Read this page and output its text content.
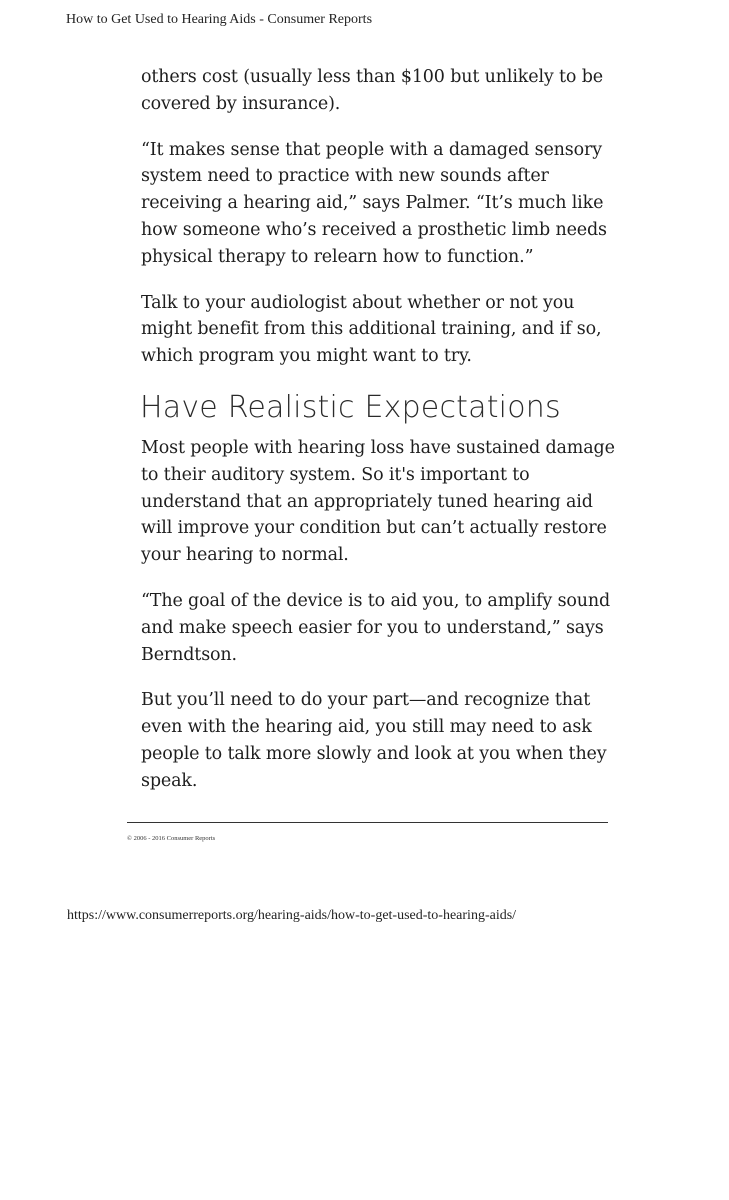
How to Get Used to Hearing Aids - Consumer Reports

others cost (usually less than $100 but unlikely to be covered by insurance).

“It makes sense that people with a damaged sensory system need to practice with new sounds after receiving a hearing aid,” says Palmer. “It’s much like how someone who’s received a prosthetic limb needs physical therapy to relearn how to function.”

Talk to your audiologist about whether or not you might benefit from this additional training, and if so, which program you might want to try.

Have Realistic Expectations

Most people with hearing loss have sustained damage to their auditory system. So it's important to understand that an appropriately tuned hearing aid will improve your condition but can’t actually restore your hearing to normal.

“The goal of the device is to aid you, to amplify sound and make speech easier for you to understand,” says Berndtson.

But you’ll need to do your part—and recognize that even with the hearing aid, you still may need to ask people to talk more slowly and look at you when they speak.

© 2006 - 2016 Consumer Reports
https://www.consumerreports.org/hearing-aids/how-to-get-used-to-hearing-aids/
